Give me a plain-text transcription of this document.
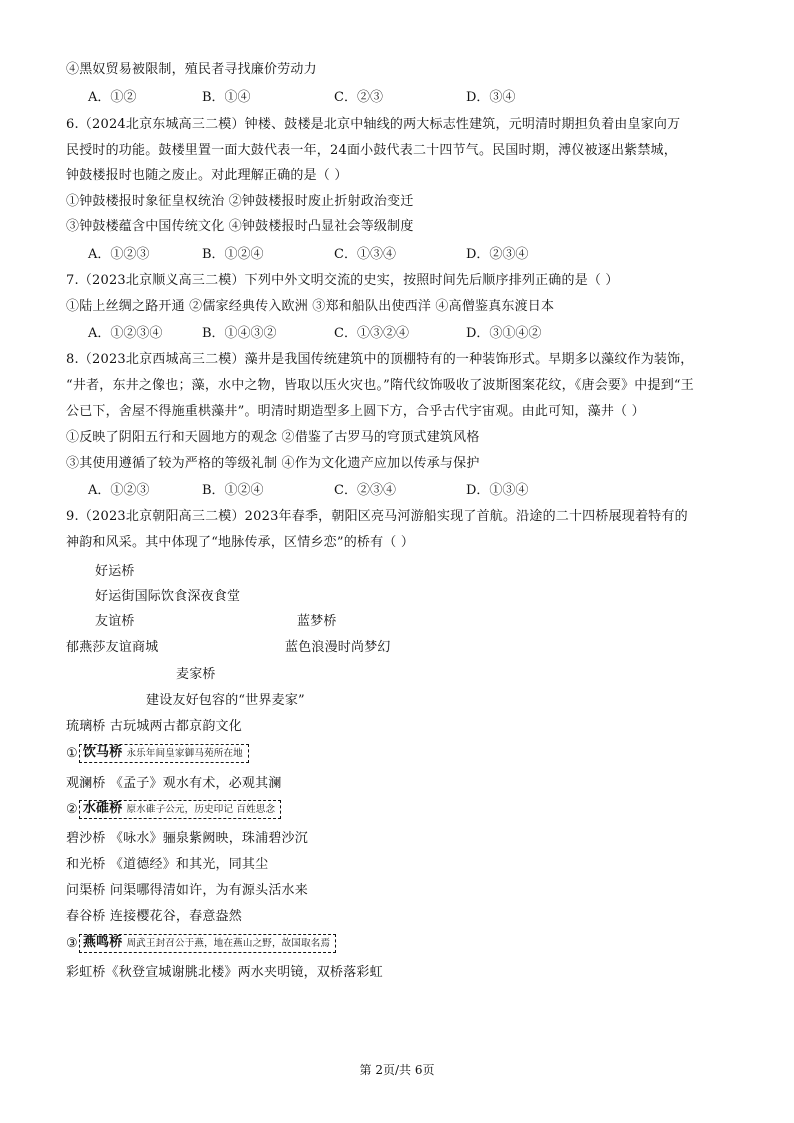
④黑奴贸易被限制，殖民者寻找廉价劳动力
A．①②	B．①④	C．②③	D．③④
6.（2024北京东城高三二模）钟楼、鼓楼是北京中轴线的两大标志性建筑，元明清时期担负着由皇家向万
民授时的功能。鼓楼里置一面大鼓代表一年，24面小鼓代表二十四节气。民国时期，溥仪被逐出紫禁城，
钟鼓楼报时也随之废止。对此理解正确的是（ ）
①钟鼓楼报时象征皇权统治 ②钟鼓楼报时废止折射政治变迁
③钟鼓楼蕴含中国传统文化 ④钟鼓楼报时凸显社会等级制度
A．①②③	B．①②④	C．①③④	D．②③④
7.（2023北京顺义高三二模）下列中外文明交流的史实，按照时间先后顺序排列正确的是（ ）
①陆上丝绸之路开通 ②儒家经典传入欧洲 ③郑和船队出使西洋 ④高僧鉴真东渡日本
A．①②③④	B．①④③②	C．①③②④	D．③①④②
8.（2023北京西城高三二模）藻井是我国传统建筑中的顶棚特有的一种装饰形式。早期多以藻纹作为装饰，
“井者，东井之像也；藻，水中之物，皆取以压火灾也。”隋代纹饰吸收了波斯图案花纹，《唐会要》中提到“王
公已下，舍屋不得施重栱藻井”。明清时期造型多上圆下方，合乎古代宇宙观。由此可知，藻井（ ）
①反映了阴阳五行和天圆地方的观念 ②借鉴了古罗马的穹顶式建筑风格
③其使用遵循了较为严格的等级礼制 ④作为文化遗产应加以传承与保护
A．①②③	B．①②④	C．②③④	D．①③④
9.（2023北京朝阳高三二模）2023年春季，朝阳区亮马河游船实现了首航。沿途的二十四桥展现着特有的
神韵和风采。其中体现了“地脉传承，区情乡恋”的桥有（ ）
好运桥
好运街国际饮食深夜食堂
友谊桥	蓝梦桥
郁燕莎友谊商城	蓝色浪漫时尚梦幻
麦家桥
建设友好包容的“世界麦家”
琉璃桥 古玩城两古都京韵文化
① 饮马桥 永乐年间皇家御马苑所在地
观澜桥 《孟子》观水有术，必观其澜
② 水碓桥 原水碓子公元，历史印记 百姓思念
碧沙桥 《咏水》骊泉紫阙映，珠浦碧沙沉
和光桥 《道德经》和其光，同其尘
问渠桥 问渠哪得清如许，为有源头活水来
春谷桥 连接樱花谷，春意盎然
③ 燕鸣桥 周武王封召公于燕，地在燕山之野，故国取名焉
彩虹桥《秋登宣城谢朓北楼》两水夹明镜，双桥落彩虹
第 2页/共 6页
